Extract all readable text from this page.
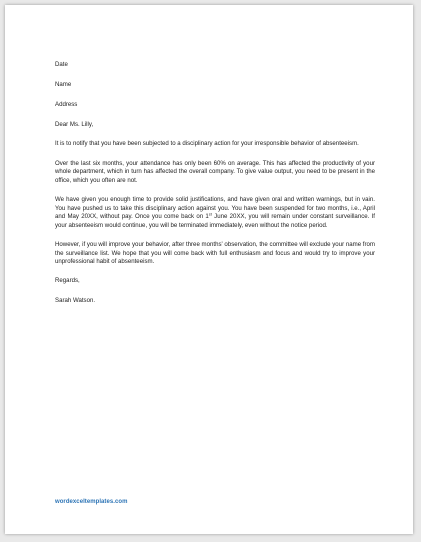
Date

Name

Address

Dear Ms. Lilly,

It is to notify that you have been subjected to a disciplinary action for your irresponsible behavior of absenteeism.

Over the last six months, your attendance has only been 60% on average. This has affected the productivity of your whole department, which in turn has affected the overall company. To give value output, you need to be present in the office, which you often are not.

We have given you enough time to provide solid justifications, and have given oral and written warnings, but in vain. You have pushed us to take this disciplinary action against you. You have been suspended for two months, i.e., April and May 20XX, without pay. Once you come back on 1st June 20XX, you will remain under constant surveillance. If your absenteeism would continue, you will be terminated immediately, even without the notice period.

However, if you will improve your behavior, after three months' observation, the committee will exclude your name from the surveillance list. We hope that you will come back with full enthusiasm and focus and would try to improve your unprofessional habit of absenteeism.

Regards,

Sarah Watson.

wordexceltemplates.com
